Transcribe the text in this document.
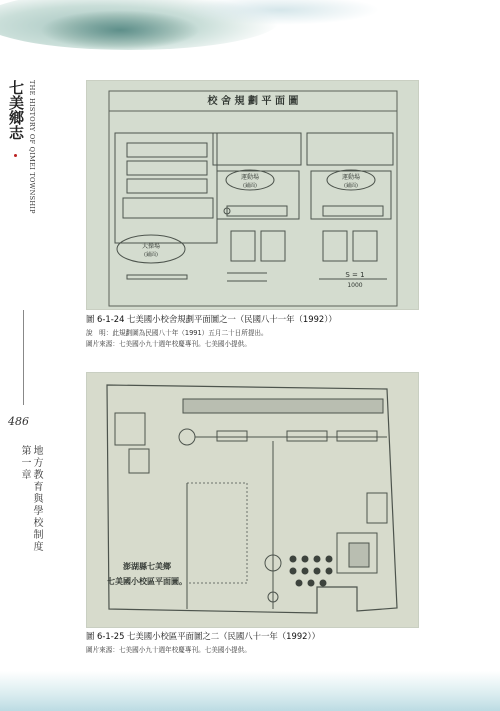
七美鄉志 THE HISTORY OF QIMEI TOWNSHIP
486
第一章 地方教育與學校制度
校 舍 規 劃 平 面 圖
大操場
(鋪面)
運動場
(鋪面)
運動場
(鋪面)
S = 1
1000
圖 6-1-24 七美國小校舍規劃平面圖之一（民國八十一年（1992））
說　明：此規劃圖為民國八十年（1991）五月二十日所提出。
圖片來源：七美國小九十週年校慶專刊。七美國小提供。
澎湖縣七美鄉
七美國小校區平面圖。
圖 6-1-25 七美國小校區平面圖之二（民國八十一年（1992））
圖片來源：七美國小九十週年校慶專刊。七美國小提供。
